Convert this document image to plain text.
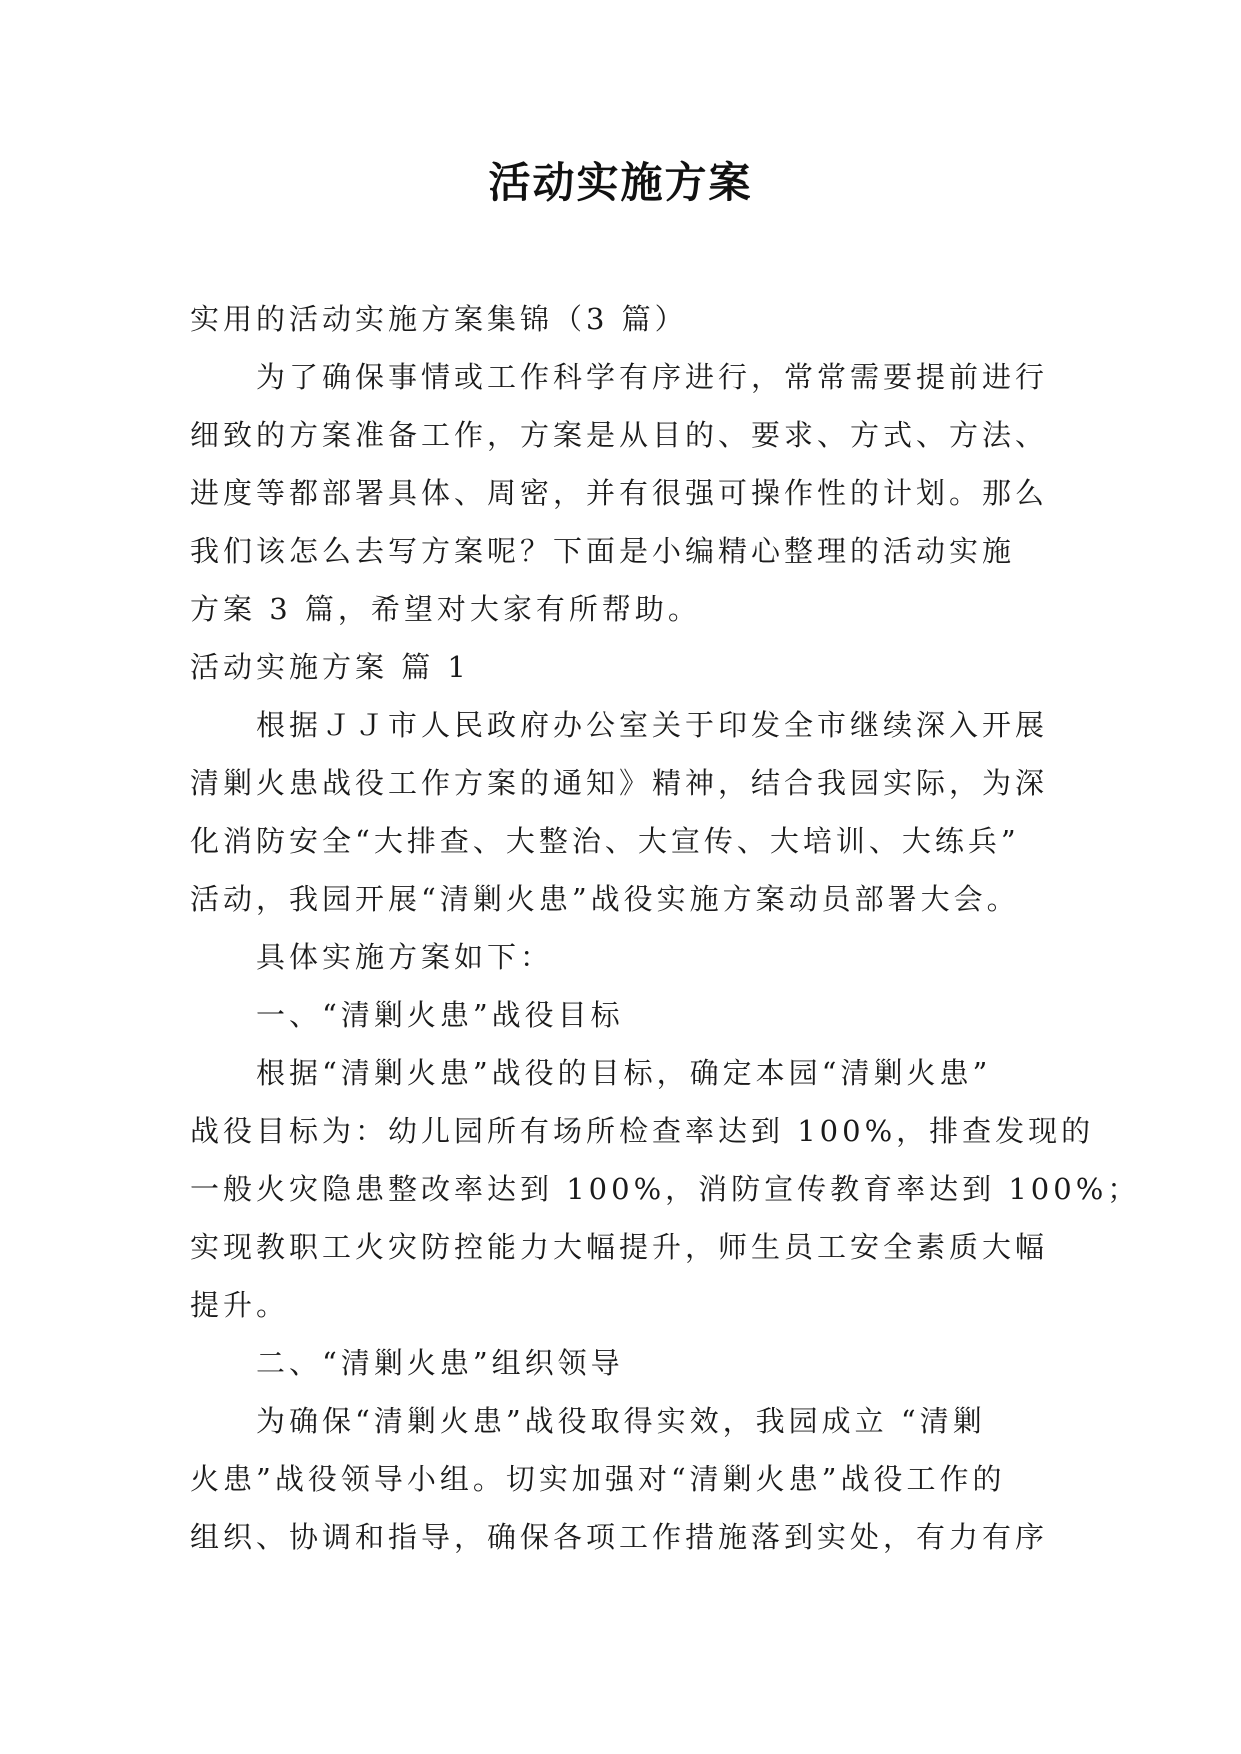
活动实施方案
实用的活动实施方案集锦（3 篇）
为了确保事情或工作科学有序进行，常常需要提前进行
细致的方案准备工作，方案是从目的、要求、方式、方法、
进度等都部署具体、周密，并有很强可操作性的计划。那么
我们该怎么去写方案呢？下面是小编精心整理的活动实施
方案 3 篇，希望对大家有所帮助。
活动实施方案 篇 1
根据ＪＪ市人民政府办公室关于印发全市继续深入开展
清剿火患战役工作方案的通知》精神，结合我园实际，为深
化消防安全“大排查、大整治、大宣传、大培训、大练兵”
活动，我园开展“清剿火患”战役实施方案动员部署大会。
具体实施方案如下：
一、“清剿火患”战役目标
根据“清剿火患”战役的目标，确定本园“清剿火患”
战役目标为：幼儿园所有场所检查率达到 100%，排查发现的
一般火灾隐患整改率达到 100%，消防宣传教育率达到 100%；
实现教职工火灾防控能力大幅提升，师生员工安全素质大幅
提升。
二、“清剿火患”组织领导
为确保“清剿火患”战役取得实效，我园成立 “清剿
火患”战役领导小组。切实加强对“清剿火患”战役工作的
组织、协调和指导，确保各项工作措施落到实处，有力有序
